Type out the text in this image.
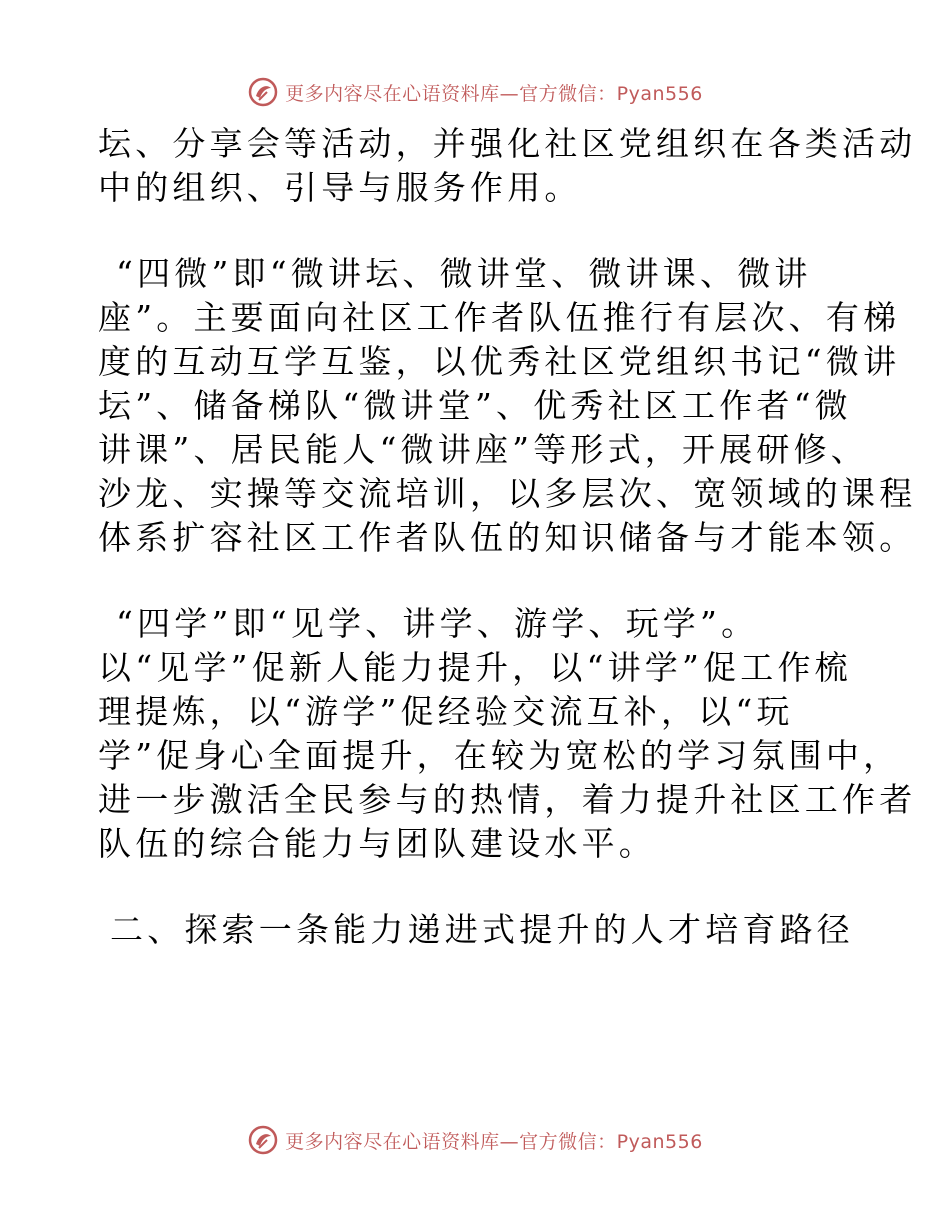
更多内容尽在心语资料库—官方微信：Pyan556
坛、分享会等活动，并强化社区党组织在各类活动
中的组织、引导与服务作用。
“四微”即“微讲坛、微讲堂、微讲课、微讲
座”。主要面向社区工作者队伍推行有层次、有梯
度的互动互学互鉴，以优秀社区党组织书记“微讲
坛”、储备梯队“微讲堂”、优秀社区工作者“微
讲课”、居民能人“微讲座”等形式，开展研修、
沙龙、实操等交流培训，以多层次、宽领域的课程
体系扩容社区工作者队伍的知识储备与才能本领。
“四学”即“见学、讲学、游学、玩学”。
以“见学”促新人能力提升，以“讲学”促工作梳
理提炼，以“游学”促经验交流互补，以“玩
学”促身心全面提升，在较为宽松的学习氛围中，
进一步激活全民参与的热情，着力提升社区工作者
队伍的综合能力与团队建设水平。
二、探索一条能力递进式提升的人才培育路径
更多内容尽在心语资料库—官方微信：Pyan556
